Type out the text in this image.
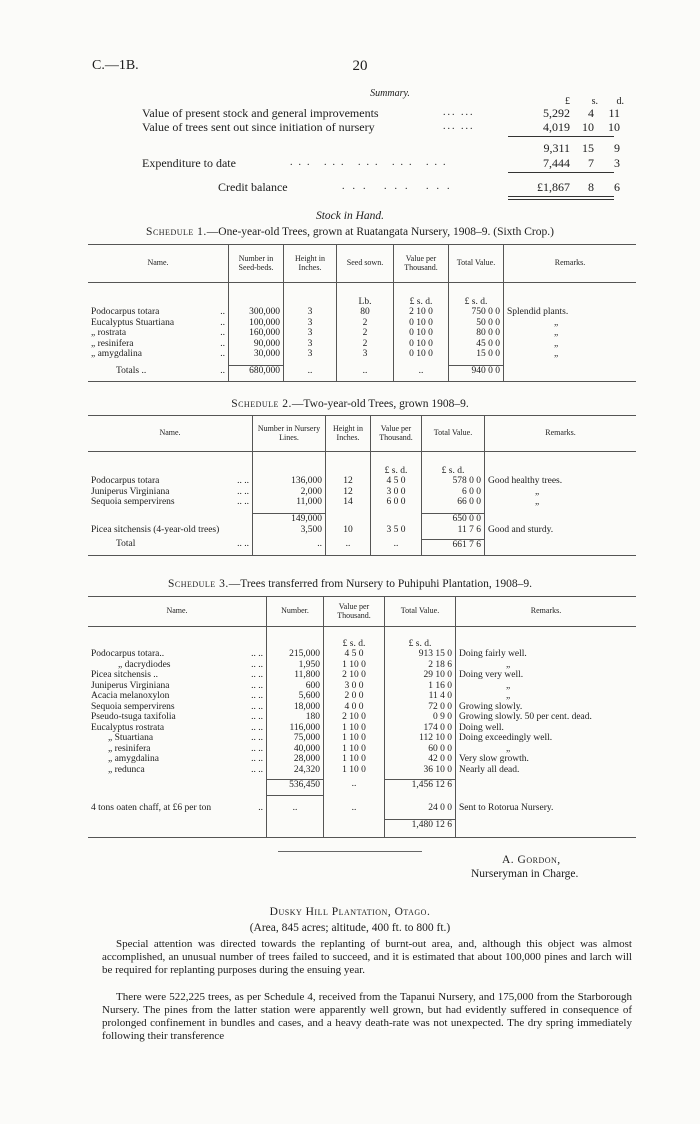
C.—1B.	20
Summary.
£ s. d.
Value of present stock and general improvements	... ...	5,292 4 11
Value of trees sent out since initiation of nursery	... ...	4,019 10 10
9,311 15 9
Expenditure to date	... ... ... ... ...	7,444 7 3
Credit balance	... ... ...	£1,867 8 6
Stock in Hand.
Schedule 1.—One-year-old Trees, grown at Ruatangata Nursery, 1908–9. (Sixth Crop.)
Name.	Number in Seed-beds.	Height in Inches.	Seed sown.	Value per Thousand.	Total Value.	Remarks.

			Lb.	£ s. d.	£ s. d.	
Podocarpus totara ..	300,000	3	80	2 10 0	750 0 0	Splendid plants.
Eucalyptus Stuartiana ..	100,000	3	2	0 10 0	50 0 0	„
„ rostrata ..	160,000	3	2	0 10 0	80 0 0	„
„ resinifera ..	90,000	3	2	0 10 0	45 0 0	„
„ amygdalina ..	30,000	3	3	0 10 0	15 0 0	„

Totals .. ..	680,000	..	..	..	940 0 0	
Schedule 2.—Two-year-old Trees, grown 1908–9.
Name.	Number in Nursery Lines.	Height in Inches.	Value per Thousand.	Total Value.	Remarks.

			£ s. d.	£ s. d.	
Podocarpus totara .. ..	136,000	12	4 5 0	578 0 0	Good healthy trees.
Juniperus Virginiana .. ..	2,000	12	3 0 0	6 0 0	„
Sequoia sempervirens .. ..	11,000	14	6 0 0	66 0 0	„

	149,000			650 0 0	
Picea sitchensis (4-year-old trees)	3,500	10	3 5 0	11 7 6	Good and sturdy.

Total .. ..	..	..	..	661 7 6	
Schedule 3.—Trees transferred from Nursery to Puhipuhi Plantation, 1908–9.
Name.	Number.	Value per Thousand.	Total Value.	Remarks.

		£ s. d.	£ s. d.	
Podocarpus totara.. .. ..	215,000	4 5 0	913 15 0	Doing fairly well.
„ dacrydiodes .. ..	1,950	1 10 0	2 18 6	„
Picea sitchensis .. .. ..	11,800	2 10 0	29 10 0	Doing very well.
Juniperus Virginiana .. ..	600	3 0 0	1 16 0	„
Acacia melanoxylon .. ..	5,600	2 0 0	11 4 0	„
Sequoia sempervirens .. ..	18,000	4 0 0	72 0 0	Growing slowly.
Pseudo-tsuga taxifolia .. ..	180	2 10 0	0 9 0	Growing slowly. 50 per cent. dead.
Eucalyptus rostrata .. ..	116,000	1 10 0	174 0 0	Doing well.
„ Stuartiana .. ..	75,000	1 10 0	112 10 0	Doing exceedingly well.
„ resinifera .. ..	40,000	1 10 0	60 0 0	„
„ amygdalina .. ..	28,000	1 10 0	42 0 0	Very slow growth.
„ redunca .. ..	24,320	1 10 0	36 10 0	Nearly all dead.

	536,450	..	1,456 12 6	

4 tons oaten chaff, at £6 per ton ..	..	..	24 0 0	Sent to Rotorua Nursery.

			1,480 12 6	
A. Gordon,
Nurseryman in Charge.
Dusky Hill Plantation, Otago.
(Area, 845 acres; altitude, 400 ft. to 800 ft.)
Special attention was directed towards the replanting of burnt-out area, and, although this object was almost accomplished, an unusual number of trees failed to succeed, and it is estimated that about 100,000 pines and larch will be required for replanting purposes during the ensuing year.
There were 522,225 trees, as per Schedule 4, received from the Tapanui Nursery, and 175,000 from the Starborough Nursery. The pines from the latter station were apparently well grown, but had evidently suffered in consequence of prolonged confinement in bundles and cases, and a heavy death-rate was not unexpected. The dry spring immediately following their transference
